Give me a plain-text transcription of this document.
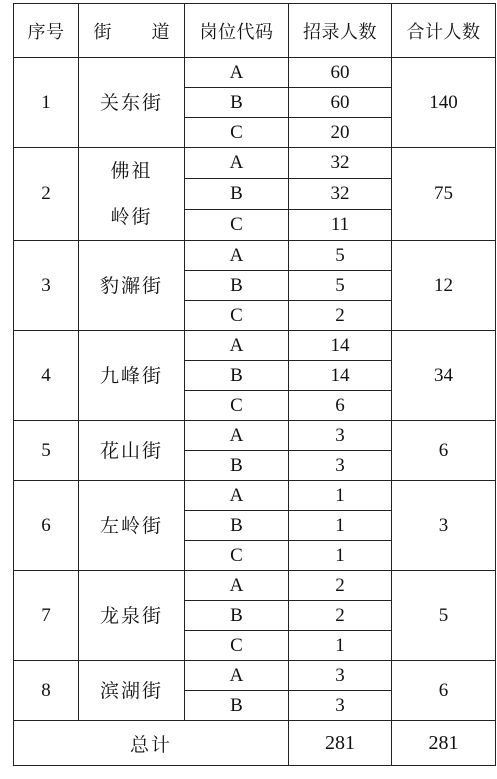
序号	街 道	岗位代码	招录人数	合计人数
1	关东街	A	60	140
		B	60	
		C	20	
2	佛祖岭街	A	32	75
		B	32	
		C	11	
3	豹澥街	A	5	12
		B	5	
		C	2	
4	九峰街	A	14	34
		B	14	
		C	6	
5	花山街	A	3	6
		B	3	
6	左岭街	A	1	3
		B	1	
		C	1	
7	龙泉街	A	2	5
		B	2	
		C	1	
8	滨湖街	A	3	6
		B	3	
总计			281	281
